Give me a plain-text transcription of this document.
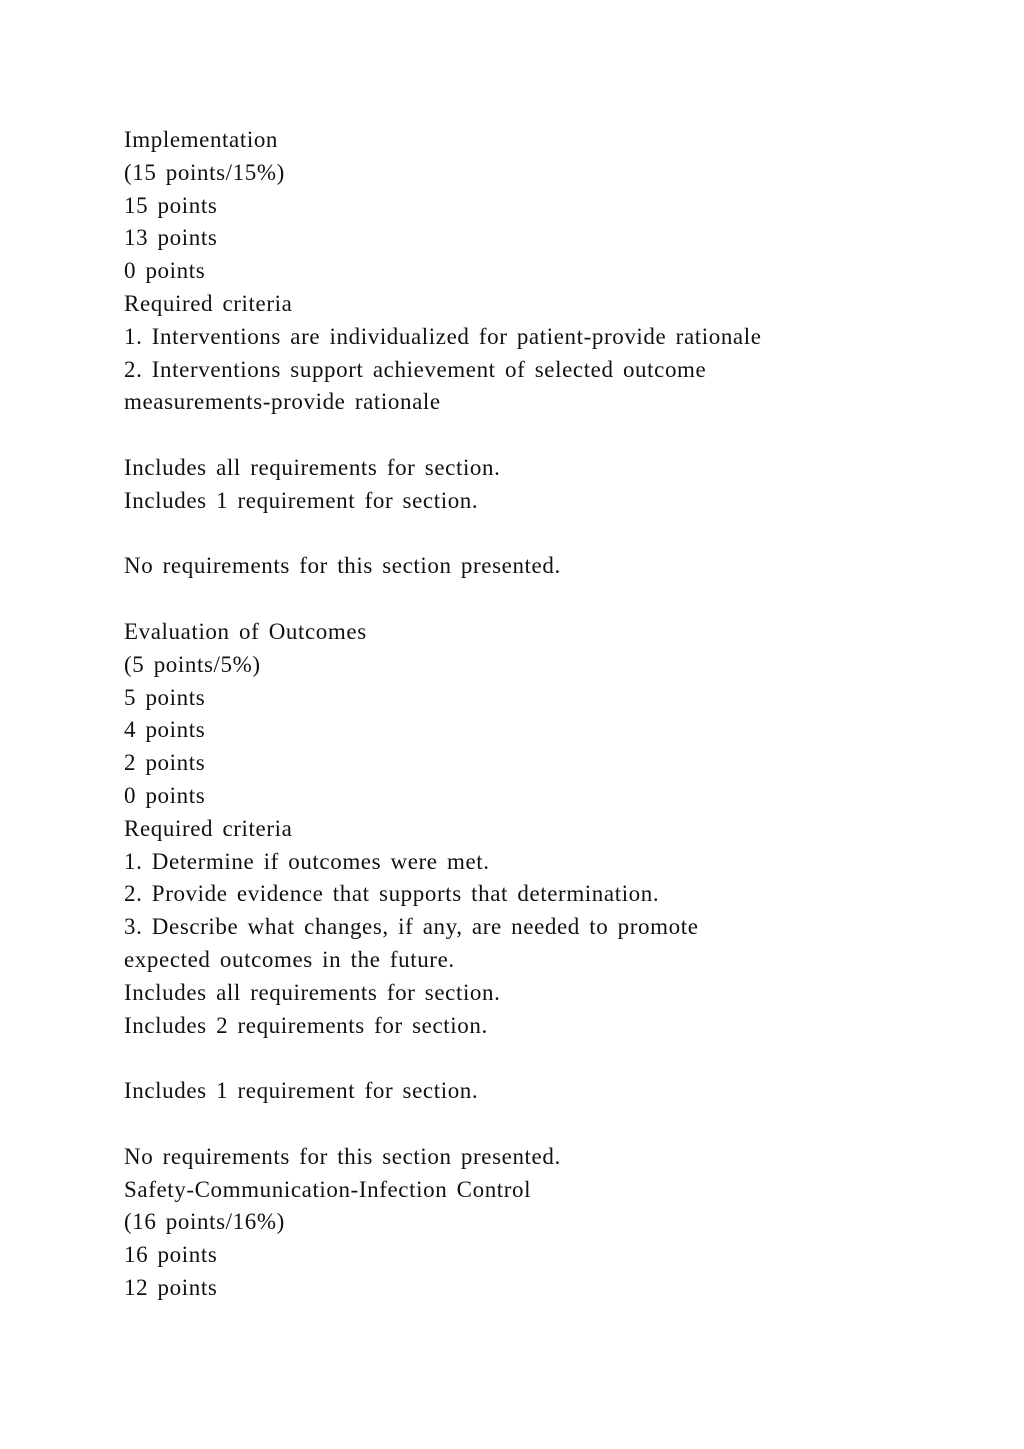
Implementation
(15 points/15%)
15 points
13 points
0 points
Required criteria
1. Interventions are individualized for patient-provide rationale
2. Interventions support achievement of selected outcome
measurements-provide rationale
Includes all requirements for section.
Includes 1 requirement for section.
No requirements for this section presented.
Evaluation of Outcomes
(5 points/5%)
5 points
4 points
2 points
0 points
Required criteria
1. Determine if outcomes were met.
2. Provide evidence that supports that determination.
3. Describe what changes, if any, are needed to promote
expected outcomes in the future.
Includes all requirements for section.
Includes 2 requirements for section.
Includes 1 requirement for section.
No requirements for this section presented.
Safety-Communication-Infection Control
(16 points/16%)
16 points
12 points
